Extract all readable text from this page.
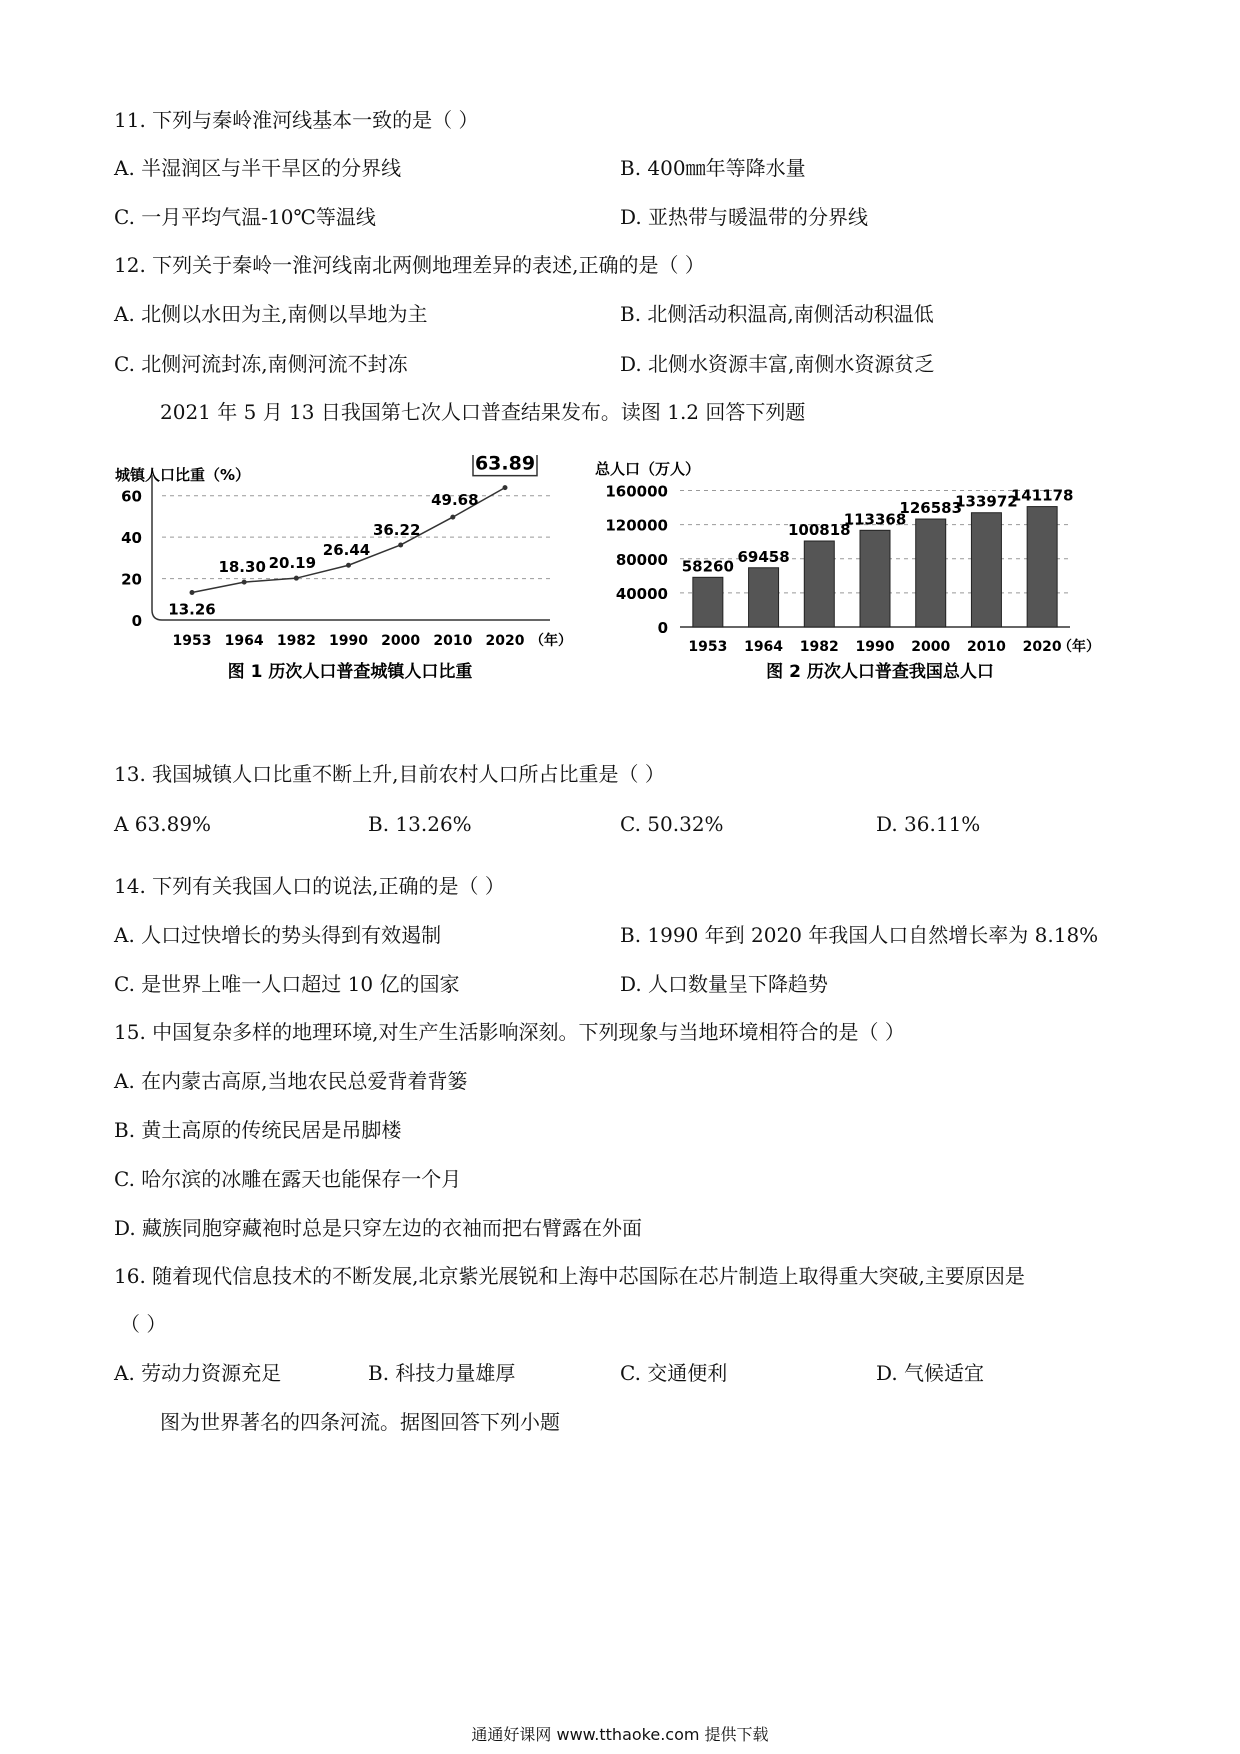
11. 下列与秦岭淮河线基本一致的是（ ）
A. 半湿润区与半干旱区的分界线	B. 400㎜年等降水量
C. 一月平均气温-10℃等温线	D. 亚热带与暖温带的分界线
12. 下列关于秦岭一淮河线南北两侧地理差异的表述,正确的是（ ）
A. 北侧以水田为主,南侧以旱地为主	B. 北侧活动积温高,南侧活动积温低
C. 北侧河流封冻,南侧河流不封冻	D. 北侧水资源丰富,南侧水资源贫乏
2021 年 5 月 13 日我国第七次人口普查结果发布。读图 1.2 回答下列题
城镇人口比重（%）
0
20
40
60
13.26
18.30 20.19
26.44
36.22
49.68
63.89
1953 1964 1982 1990 2000 2010 2020 （年）
图 1 历次人口普查城镇人口比重
总人口（万人）
0
40000
80000
120000
160000
58260
1953
69458
1964
100818
1982
113368
1990
126583
2000
133972
2010
141178
2020
（年）
图 2 历次人口普查我国总人口
13. 我国城镇人口比重不断上升,目前农村人口所占比重是（ ）
A 63.89%	B. 13.26%	C. 50.32%	D. 36.11%
14. 下列有关我国人口的说法,正确的是（ ）
A. 人口过快增长的势头得到有效遏制	B. 1990 年到 2020 年我国人口自然增长率为 8.18%
C. 是世界上唯一人口超过 10 亿的国家	D. 人口数量呈下降趋势
15. 中国复杂多样的地理环境,对生产生活影响深刻。下列现象与当地环境相符合的是（ ）
A. 在内蒙古高原,当地农民总爱背着背篓
B. 黄土高原的传统民居是吊脚楼
C. 哈尔滨的冰雕在露天也能保存一个月
D. 藏族同胞穿藏袍时总是只穿左边的衣袖而把右臂露在外面
16. 随着现代信息技术的不断发展,北京紫光展锐和上海中芯国际在芯片制造上取得重大突破,主要原因是
（ ）
A. 劳动力资源充足	B. 科技力量雄厚	C. 交通便利	D. 气候适宜
图为世界著名的四条河流。据图回答下列小题
通通好课网 www.tthaoke.com 提供下载
